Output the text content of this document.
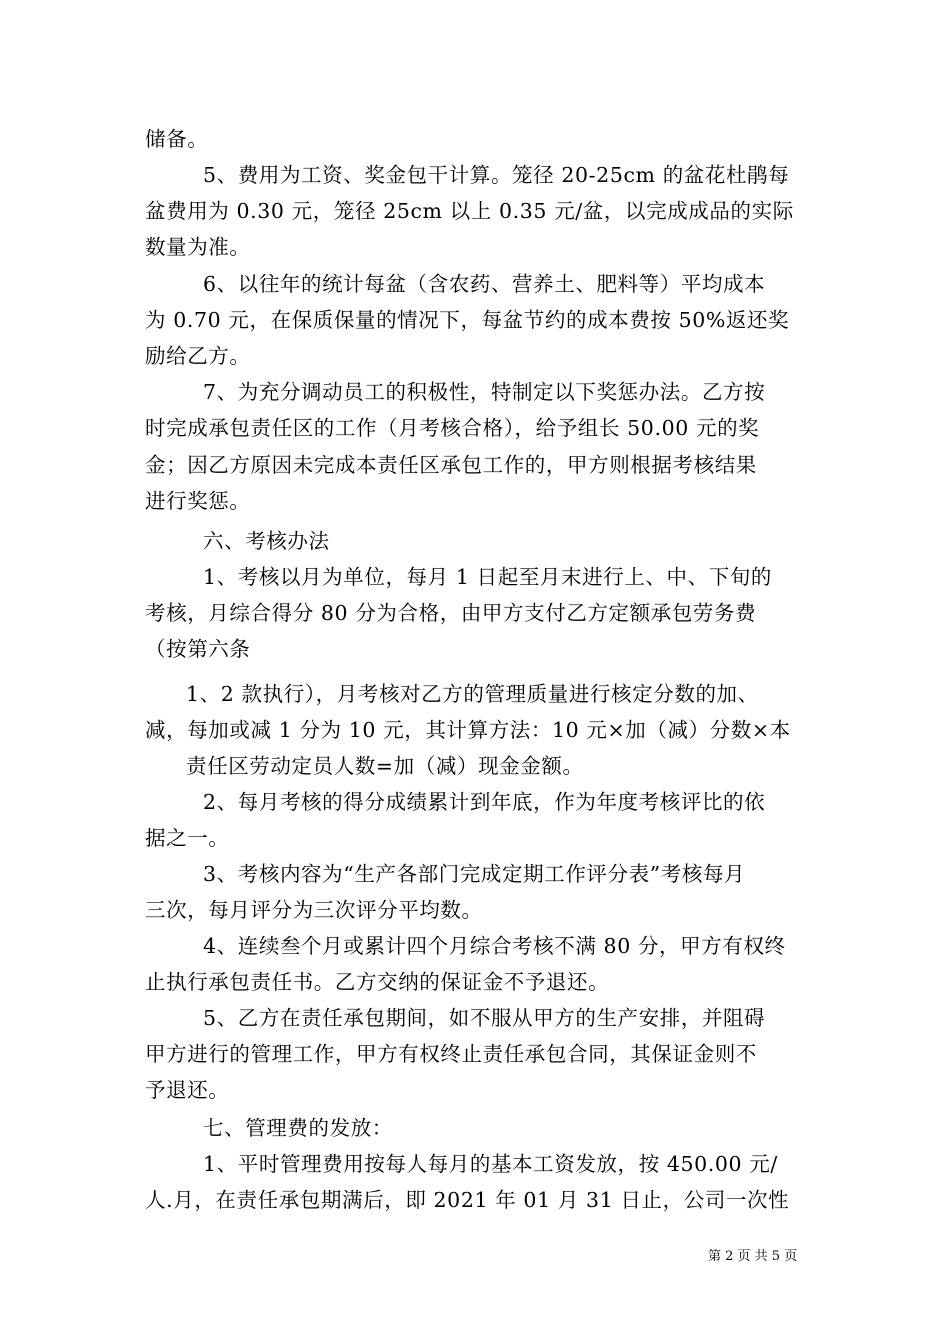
储备。
5、费用为工资、奖金包干计算。笼径 20-25cm 的盆花杜鹃每
盆费用为 0.30 元，笼径 25cm 以上 0.35 元/盆，以完成成品的实际
数量为准。
6、以往年的统计每盆（含农药、营养土、肥料等）平均成本
为 0.70 元，在保质保量的情况下，每盆节约的成本费按 50%返还奖
励给乙方。
7、为充分调动员工的积极性，特制定以下奖惩办法。乙方按
时完成承包责任区的工作（月考核合格），给予组长 50.00 元的奖
金；因乙方原因未完成本责任区承包工作的，甲方则根据考核结果
进行奖惩。
六、考核办法
1、考核以月为单位，每月 1 日起至月末进行上、中、下旬的
考核，月综合得分 80 分为合格，由甲方支付乙方定额承包劳务费
（按第六条
1、2 款执行），月考核对乙方的管理质量进行核定分数的加、
减，每加或减 1 分为 10 元，其计算方法：10 元×加（减）分数×本
责任区劳动定员人数=加（减）现金金额。
2、每月考核的得分成绩累计到年底，作为年度考核评比的依
据之一。
3、考核内容为“生产各部门完成定期工作评分表”考核每月
三次，每月评分为三次评分平均数。
4、连续叁个月或累计四个月综合考核不满 80 分，甲方有权终
止执行承包责任书。乙方交纳的保证金不予退还。
5、乙方在责任承包期间，如不服从甲方的生产安排，并阻碍
甲方进行的管理工作，甲方有权终止责任承包合同，其保证金则不
予退还。
七、管理费的发放：
1、平时管理费用按每人每月的基本工资发放，按 450.00 元/
人.月，在责任承包期满后，即 2021 年 01 月 31 日止，公司一次性
第 2 页 共 5 页
